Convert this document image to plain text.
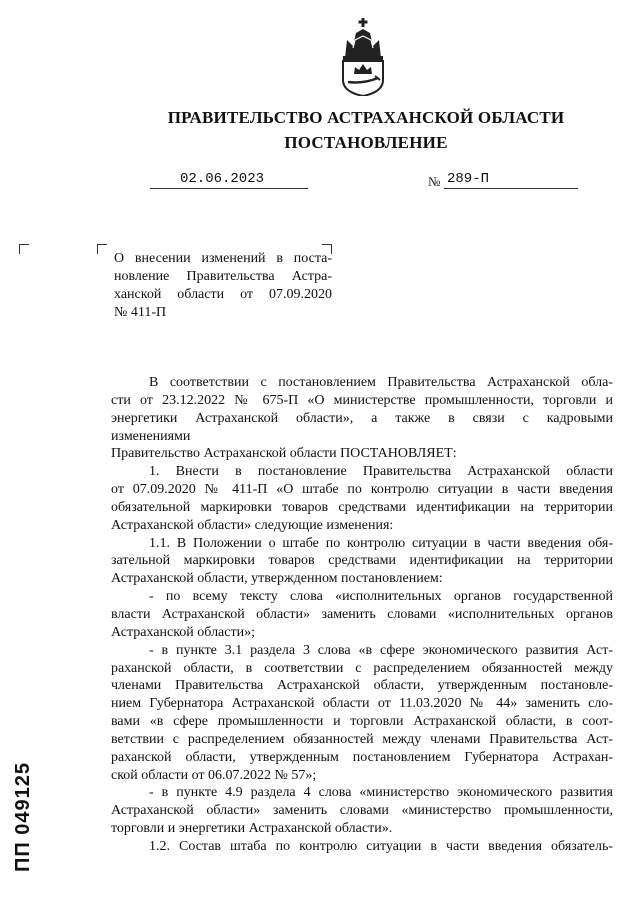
ПРАВИТЕЛЬСТВО АСТРАХАНСКОЙ ОБЛАСТИ
ПОСТАНОВЛЕНИЕ
02.06.2023	№ 289-П
О внесении изменений в поста-
новление Правительства Астра-
ханской области от 07.09.2020
№ 411-П
В соответствии с постановлением Правительства Астраханской обла-
сти от 23.12.2022 № 675-П «О министерстве промышленности, торговли и
энергетики Астраханской области», а также в связи с кадровыми
изменениями
Правительство Астраханской области ПОСТАНОВЛЯЕТ:
1. Внести в постановление Правительства Астраханской области
от 07.09.2020 № 411-П «О штабе по контролю ситуации в части введения
обязательной маркировки товаров средствами идентификации на территории
Астраханской области» следующие изменения:
1.1. В Положении о штабе по контролю ситуации в части введения обя-
зательной маркировки товаров средствами идентификации на территории
Астраханской области, утвержденном постановлением:
- по всему тексту слова «исполнительных органов государственной
власти Астраханской области» заменить словами «исполнительных органов
Астраханской области»;
- в пункте 3.1 раздела 3 слова «в сфере экономического развития Аст-
раханской области, в соответствии с распределением обязанностей между
членами Правительства Астраханской области, утвержденным постановле-
нием Губернатора Астраханской области от 11.03.2020 № 44» заменить сло-
вами «в сфере промышленности и торговли Астраханской области, в соот-
ветствии с распределением обязанностей между членами Правительства Аст-
раханской области, утвержденным постановлением Губернатора Астрахан-
ской области от 06.07.2022 № 57»;
- в пункте 4.9 раздела 4 слова «министерство экономического развития
Астраханской области» заменить словами «министерство промышленности,
торговли и энергетики Астраханской области».
1.2. Состав штаба по контролю ситуации в части введения обязатель-
ПП 049125
